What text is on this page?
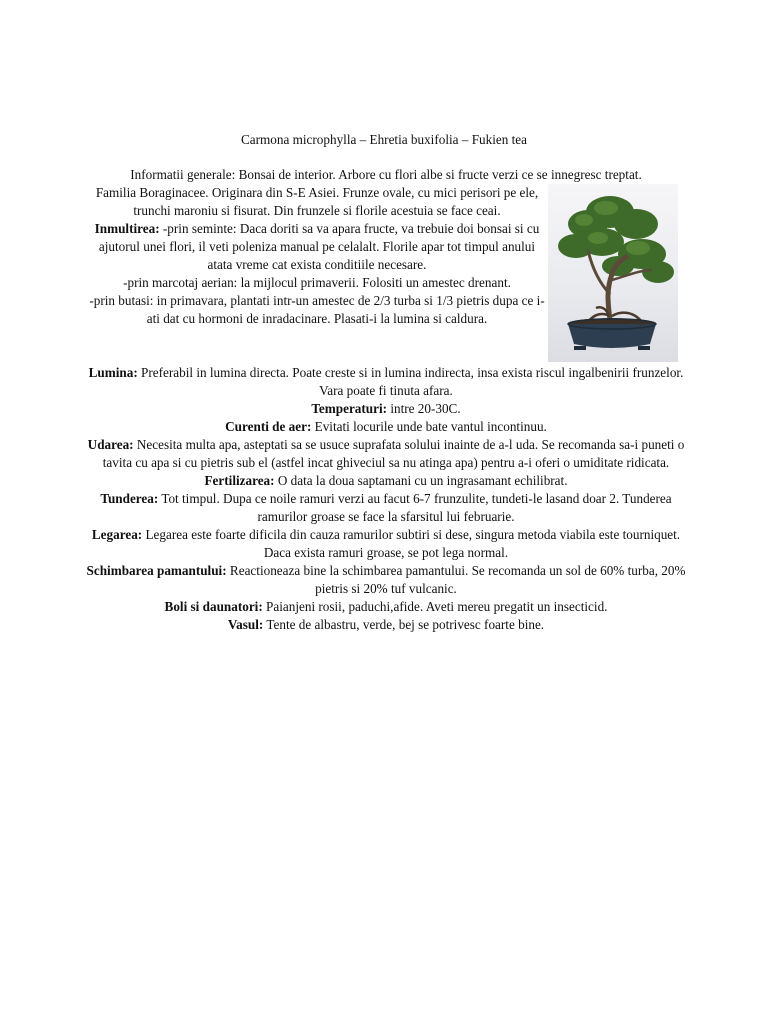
Carmona microphylla – Ehretia buxifolia – Fukien tea
Informatii generale: Bonsai de interior. Arbore cu flori albe si fructe verzi ce se innegresc treptat.

Familia Boraginacee. Originara din S-E Asiei. Frunze ovale, cu mici perisori pe ele, trunchi maroniu si fisurat. Din frunzele si florile acestuia se face ceai.

Inmultirea: -prin seminte: Daca doriti sa va apara fructe, va trebuie doi bonsai si cu ajutorul unei flori, il veti poleniza manual pe celalalt. Florile apar tot timpul anului atata vreme cat exista conditiile necesare.

-prin marcotaj aerian: la mijlocul primaverii. Folositi un amestec drenant.

-prin butasi: in primavara, plantati intr-un amestec de 2/3 turba si 1/3 pietris dupa ce i-ati dat cu hormoni de inradacinare. Plasati-i la lumina si caldura.

Lumina: Preferabil in lumina directa. Poate creste si in lumina indirecta, insa exista riscul ingalbenirii frunzelor. Vara poate fi tinuta afara.

Temperaturi: intre 20-30C.

Curenti de aer: Evitati locurile unde bate vantul incontinuu.

Udarea: Necesita multa apa, asteptati sa se usuce suprafata solului inainte de a-l uda. Se recomanda sa-i puneti o tavita cu apa si cu pietris sub el (astfel incat ghiveciul sa nu atinga apa) pentru a-i oferi o umiditate ridicata.

Fertilizarea: O data la doua saptamani cu un ingrasamant echilibrat.

Tunderea: Tot timpul. Dupa ce noile ramuri verzi au facut 6-7 frunzulite, tundeti-le lasand doar 2. Tunderea ramurilor groase se face la sfarsitul lui februarie.

Legarea: Legarea este foarte dificila din cauza ramurilor subtiri si dese, singura metoda viabila este tourniquet. Daca exista ramuri groase, se pot lega normal.

Schimbarea pamantului: Reactioneaza bine la schimbarea pamantului. Se recomanda un sol de 60% turba, 20% pietris si 20% tuf vulcanic.

Boli si daunatori: Paianjeni rosii, paduchi,afide. Aveti mereu pregatit un insecticid.

Vasul: Tente de albastru, verde, bej se potrivesc foarte bine.
